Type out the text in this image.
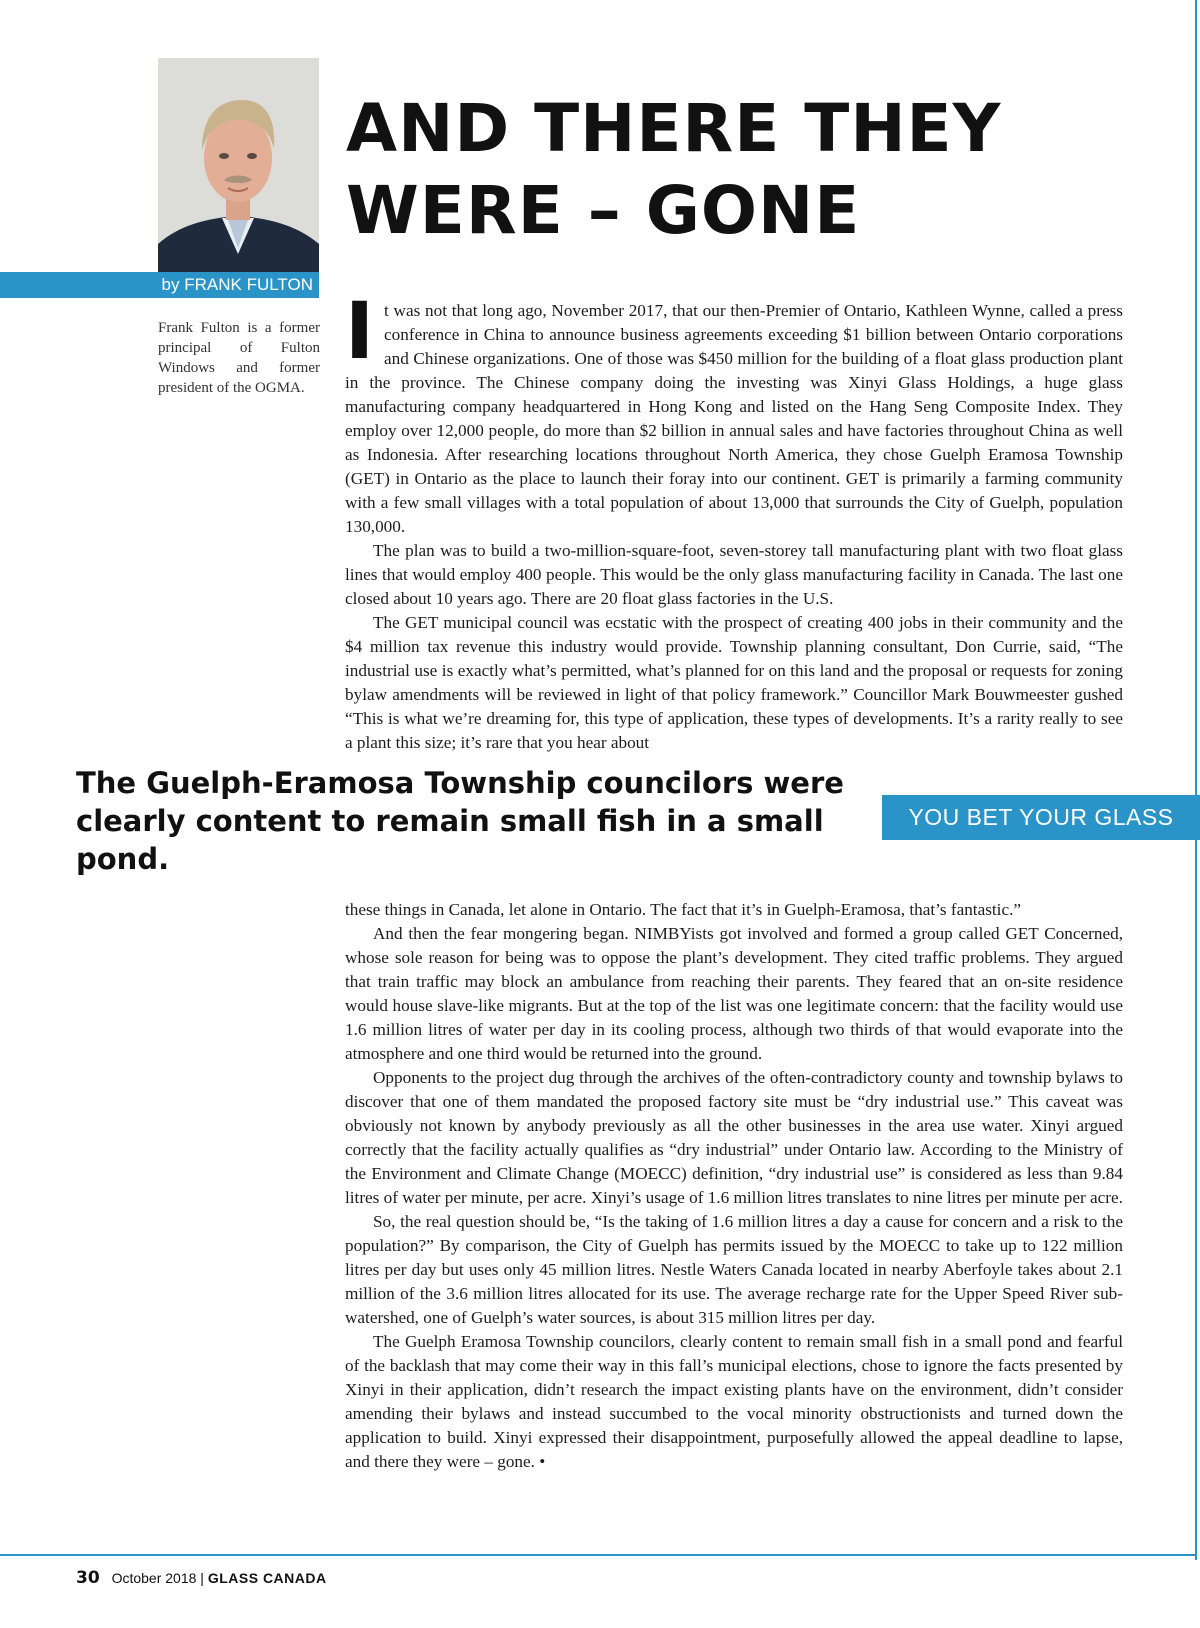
by FRANK FULTON
AND THERE THEY
WERE – GONE

Frank Fulton is a former principal of Fulton Windows and former president of the OGMA.

It was not that long ago, November 2017, that our then-Premier of Ontario, Kathleen Wynne, called a press conference in China to announce business agreements exceeding $1 billion between Ontario corporations and Chinese organizations. One of those was $450 million for the building of a float glass production plant in the province. The Chinese company doing the investing was Xinyi Glass Holdings, a huge glass manufacturing company headquartered in Hong Kong and listed on the Hang Seng Composite Index. They employ over 12,000 people, do more than $2 billion in annual sales and have factories throughout China as well as Indonesia. After researching locations throughout North America, they chose Guelph Eramosa Township (GET) in Ontario as the place to launch their foray into our continent. GET is primarily a farming community with a few small villages with a total population of about 13,000 that surrounds the City of Guelph, population 130,000.

The plan was to build a two-million-square-foot, seven-storey tall manufacturing plant with two float glass lines that would employ 400 people. This would be the only glass manufacturing facility in Canada. The last one closed about 10 years ago. There are 20 float glass factories in the U.S.

The GET municipal council was ecstatic with the prospect of creating 400 jobs in their community and the $4 million tax revenue this industry would provide. Township planning consultant, Don Currie, said, “The industrial use is exactly what’s permitted, what’s planned for on this land and the proposal or requests for zoning bylaw amendments will be reviewed in light of that policy framework.” Councillor Mark Bouwmeester gushed “This is what we’re dreaming for, this type of application, these types of developments. It’s a rarity really to see a plant this size; it’s rare that you hear about

The Guelph-Eramosa Township councilors were clearly content to remain small fish in a small pond.

YOU BET YOUR GLASS

these things in Canada, let alone in Ontario. The fact that it’s in Guelph-Eramosa, that’s fantastic.”

And then the fear mongering began. NIMBYists got involved and formed a group called GET Concerned, whose sole reason for being was to oppose the plant’s development. They cited traffic problems. They argued that train traffic may block an ambulance from reaching their parents. They feared that an on-site residence would house slave-like migrants. But at the top of the list was one legitimate concern: that the facility would use 1.6 million litres of water per day in its cooling process, although two thirds of that would evaporate into the atmosphere and one third would be returned into the ground.

Opponents to the project dug through the archives of the often-contradictory county and township bylaws to discover that one of them mandated the proposed factory site must be “dry industrial use.” This caveat was obviously not known by anybody previously as all the other businesses in the area use water. Xinyi argued correctly that the facility actually qualifies as “dry industrial” under Ontario law. According to the Ministry of the Environment and Climate Change (MOECC) definition, “dry industrial use” is considered as less than 9.84 litres of water per minute, per acre. Xinyi’s usage of 1.6 million litres translates to nine litres per minute per acre.

So, the real question should be, “Is the taking of 1.6 million litres a day a cause for concern and a risk to the population?” By comparison, the City of Guelph has permits issued by the MOECC to take up to 122 million litres per day but uses only 45 million litres. Nestle Waters Canada located in nearby Aberfoyle takes about 2.1 million of the 3.6 million litres allocated for its use. The average recharge rate for the Upper Speed River sub-watershed, one of Guelph’s water sources, is about 315 million litres per day.

The Guelph Eramosa Township councilors, clearly content to remain small fish in a small pond and fearful of the backlash that may come their way in this fall’s municipal elections, chose to ignore the facts presented by Xinyi in their application, didn’t research the impact existing plants have on the environment, didn’t consider amending their bylaws and instead succumbed to the vocal minority obstructionists and turned down the application to build. Xinyi expressed their disappointment, purposefully allowed the appeal deadline to lapse, and there they were – gone. •

30 October 2018 | GLASS CANADA
